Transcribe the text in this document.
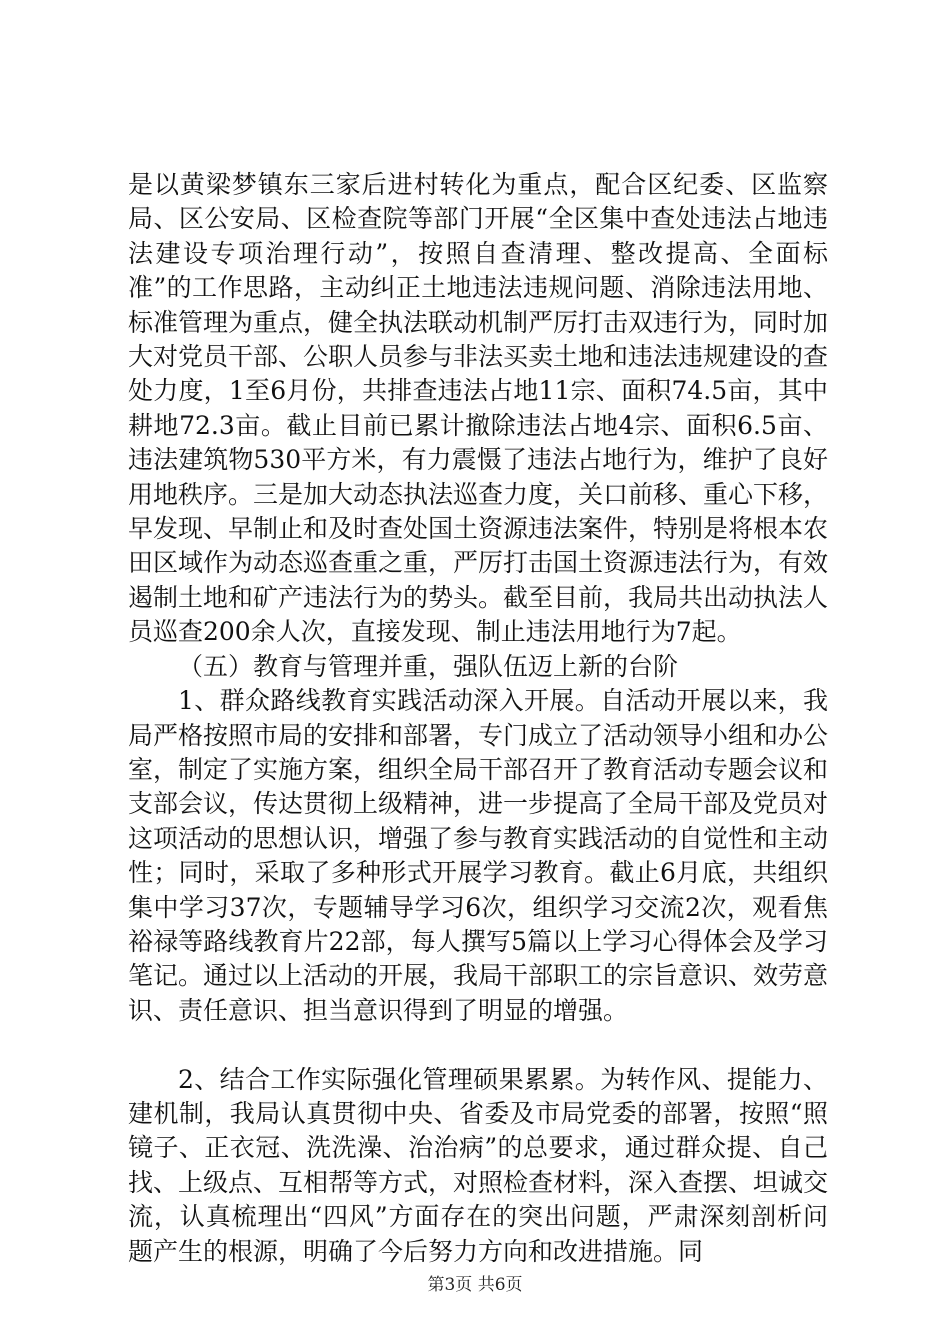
是以黄梁梦镇东三家后进村转化为重点，配合区纪委、区监察局、区公安局、区检查院等部门开展“全区集中查处违法占地违法建设专项治理行动”，按照自查清理、整改提高、全面标准”的工作思路，主动纠正土地违法违规问题、消除违法用地、标准管理为重点，健全执法联动机制严厉打击双违行为，同时加大对党员干部、公职人员参与非法买卖土地和违法违规建设的查处力度，1至6月份，共排查违法占地11宗、面积74.5亩，其中耕地72.3亩。截止目前已累计撤除违法占地4宗、面积6.5亩、违法建筑物530平方米，有力震慑了违法占地行为，维护了良好用地秩序。三是加大动态执法巡查力度，关口前移、重心下移，早发现、早制止和及时查处国土资源违法案件，特别是将根本农田区域作为动态巡查重之重，严厉打击国土资源违法行为，有效遏制土地和矿产违法行为的势头。截至目前，我局共出动执法人员巡查200余人次，直接发现、制止违法用地行为7起。

（五）教育与管理并重，强队伍迈上新的台阶

1、群众路线教育实践活动深入开展。自活动开展以来，我局严格按照市局的安排和部署，专门成立了活动领导小组和办公室，制定了实施方案，组织全局干部召开了教育活动专题会议和支部会议，传达贯彻上级精神，进一步提高了全局干部及党员对这项活动的思想认识，增强了参与教育实践活动的自觉性和主动性；同时，采取了多种形式开展学习教育。截止6月底，共组织集中学习37次，专题辅导学习6次，组织学习交流2次，观看焦裕禄等路线教育片22部，每人撰写5篇以上学习心得体会及学习笔记。通过以上活动的开展，我局干部职工的宗旨意识、效劳意识、责任意识、担当意识得到了明显的增强。

2、结合工作实际强化管理硕果累累。为转作风、提能力、建机制，我局认真贯彻中央、省委及市局党委的部署，按照“照镜子、正衣冠、洗洗澡、治治病”的总要求，通过群众提、自己找、上级点、互相帮等方式，对照检查材料，深入查摆、坦诚交流，认真梳理出“四风”方面存在的突出问题，严肃深刻剖析问题产生的根源，明确了今后努力方向和改进措施。同

第3页 共6页
